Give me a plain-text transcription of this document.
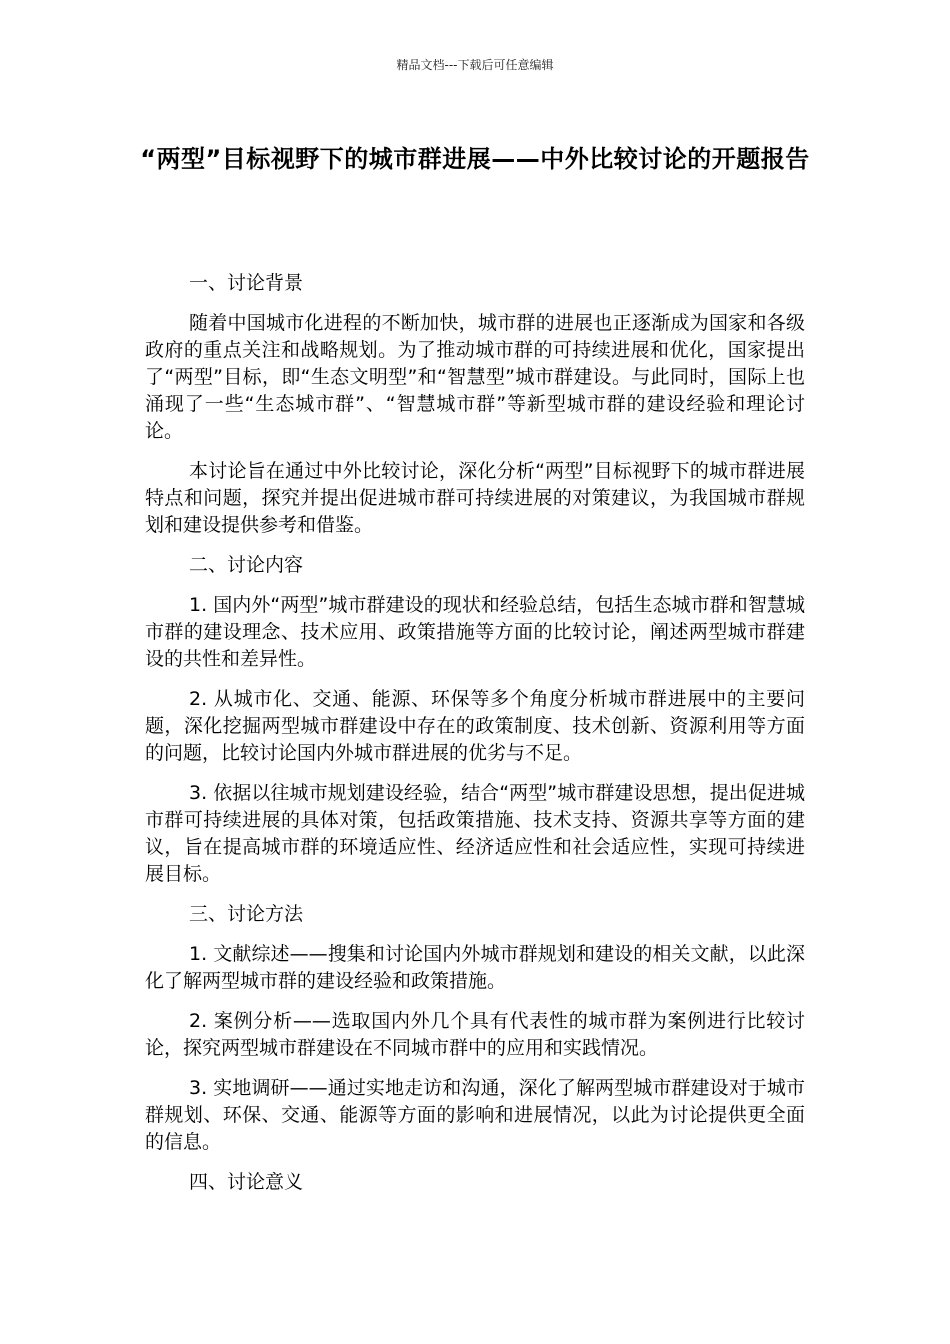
精品文档---下载后可任意编辑
“两型”目标视野下的城市群进展——中外比较讨论的开题报告

一、讨论背景

随着中国城市化进程的不断加快，城市群的进展也正逐渐成为国家和各级政府的重点关注和战略规划。为了推动城市群的可持续进展和优化，国家提出了“两型”目标，即“生态文明型”和“智慧型”城市群建设。与此同时，国际上也涌现了一些“生态城市群”、“智慧城市群”等新型城市群的建设经验和理论讨论。

本讨论旨在通过中外比较讨论，深化分析“两型”目标视野下的城市群进展特点和问题，探究并提出促进城市群可持续进展的对策建议，为我国城市群规划和建设提供参考和借鉴。

二、讨论内容

1. 国内外“两型”城市群建设的现状和经验总结，包括生态城市群和智慧城市群的建设理念、技术应用、政策措施等方面的比较讨论，阐述两型城市群建设的共性和差异性。

2. 从城市化、交通、能源、环保等多个角度分析城市群进展中的主要问题，深化挖掘两型城市群建设中存在的政策制度、技术创新、资源利用等方面的问题，比较讨论国内外城市群进展的优劣与不足。

3. 依据以往城市规划建设经验，结合“两型”城市群建设思想，提出促进城市群可持续进展的具体对策，包括政策措施、技术支持、资源共享等方面的建议，旨在提高城市群的环境适应性、经济适应性和社会适应性，实现可持续进展目标。

三、讨论方法

1. 文献综述——搜集和讨论国内外城市群规划和建设的相关文献，以此深化了解两型城市群的建设经验和政策措施。

2. 案例分析——选取国内外几个具有代表性的城市群为案例进行比较讨论，探究两型城市群建设在不同城市群中的应用和实践情况。

3. 实地调研——通过实地走访和沟通，深化了解两型城市群建设对于城市群规划、环保、交通、能源等方面的影响和进展情况，以此为讨论提供更全面的信息。

四、讨论意义
